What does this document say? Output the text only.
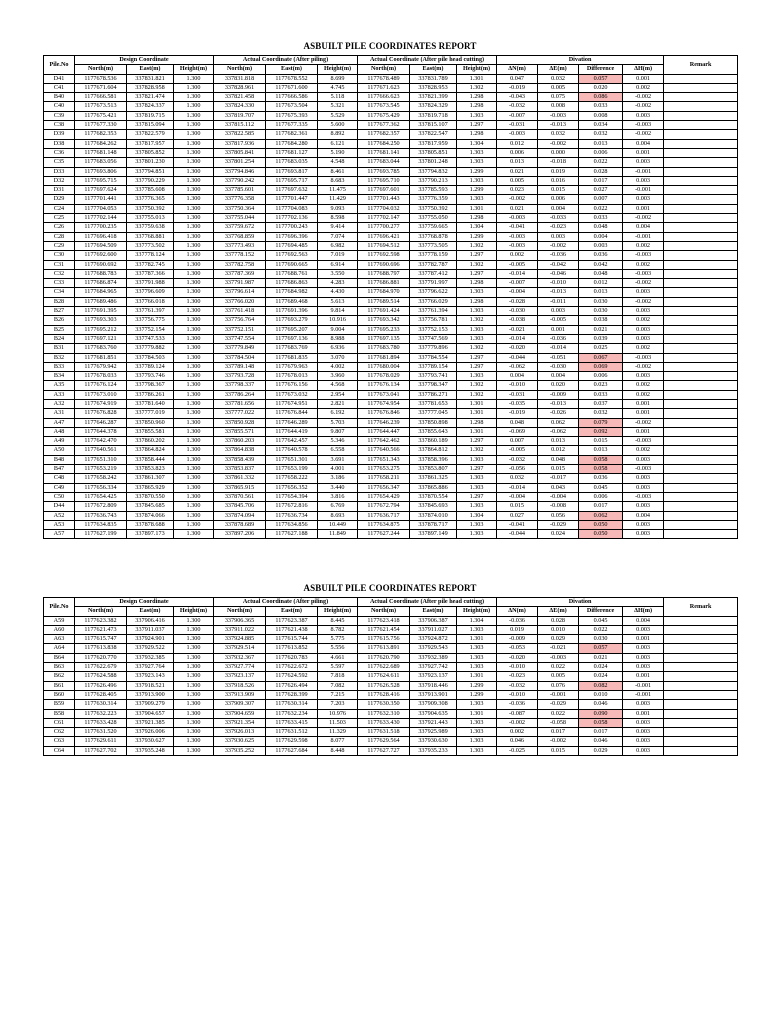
ASBUILT PILE COORDINATES REPORT
Pile.No	Design Coordinate			Actual Coordinate (After piling)			Actual Coordinate (After pile head cutting)			Divation				Remark
	North(m)	East(m)	Height(m)	North(m)	East(m)	Height(m)	North(m)	East(m)	Height(m)	ΔN(m)	ΔE(m)	Difference	ΔH(m)	
D41	1177678.536	337831.821	1.300	337831.818	1177678.552	8.699	1177678.489	337831.789	1.301	0.047	0.032	0.057	0.001	
C41	1177671.604	337828.958	1.300	337828.961	1177671.600	4.745	1177671.623	337828.953	1.302	-0.019	0.005	0.020	0.002	
B40	1177666.581	337821.474	1.300	337821.458	1177666.586	5.118	1177666.623	337821.399	1.298	-0.043	0.075	0.086	-0.002	
C40	1177673.513	337824.337	1.300	337824.330	1177673.504	5.321	1177673.545	337824.329	1.298	-0.032	0.008	0.033	-0.002	
C39	1177675.421	337819.715	1.300	337819.707	1177675.393	5.529	1177675.429	337819.718	1.303	-0.007	-0.003	0.008	0.003	
C38	1177677.330	337815.094	1.300	337815.112	1177677.335	5.600	1177677.362	337815.107	1.297	-0.031	-0.013	0.034	-0.003	
D39	1177682.353	337822.579	1.300	337822.585	1177682.361	8.892	1177682.357	337822.547	1.298	-0.003	0.032	0.032	-0.002	
D38	1177684.262	337817.957	1.300	337817.936	1177684.280	6.121	1177684.250	337817.959	1.304	0.012	-0.002	0.013	0.004	
C36	1177681.148	337805.852	1.300	337805.841	1177681.127	5.190	1177681.141	337805.851	1.303	0.006	0.000	0.006	0.001	
C35	1177683.056	337801.230	1.300	337801.254	1177683.035	4.548	1177683.044	337801.248	1.303	0.013	-0.018	0.022	0.003	
D33	1177693.806	337794.851	1.300	337794.846	1177693.817	8.461	1177693.785	337794.832	1.299	0.021	0.019	0.028	-0.001	
D32	1177695.715	337790.229	1.300	337790.242	1177695.717	8.683	1177695.710	337790.213	1.303	0.005	0.016	0.017	0.003	
D31	1177697.624	337785.608	1.300	337785.601	1177697.632	11.475	1177697.601	337785.593	1.299	0.023	0.015	0.027	-0.001	
D29	1177701.441	337776.365	1.300	337776.358	1177701.447	11.429	1177701.443	337776.359	1.303	-0.002	0.006	0.007	0.003	
C24	1177704.053	337750.392	1.300	337750.364	1177704.083	9.093	1177704.032	337750.392	1.301	0.021	0.004	0.022	0.001	
C25	1177702.144	337755.013	1.300	337755.044	1177702.136	8.598	1177702.147	337755.050	1.298	-0.003	-0.033	0.033	-0.002	
C26	1177700.235	337759.638	1.300	337759.672	1177700.243	9.414	1177700.277	337759.665	1.304	-0.041	-0.023	0.048	0.004	
C28	1177696.418	337768.881	1.300	337768.859	1177696.396	7.074	1177696.421	337768.878	1.299	-0.003	0.003	0.004	-0.001	
C29	1177694.509	337773.502	1.300	337773.493	1177694.485	6.982	1177694.512	337773.505	1.302	-0.003	-0.002	0.003	0.002	
C30	1177692.600	337778.124	1.300	337778.152	1177692.563	7.019	1177692.598	337778.159	1.297	0.002	-0.036	0.036	-0.003	
C31	1177690.692	337782.745	1.300	337782.758	1177690.665	6.914	1177690.696	337782.787	1.302	-0.005	-0.042	0.042	0.002	
C32	1177688.783	337787.366	1.300	337787.369	1177688.761	3.550	1177688.797	337787.412	1.297	-0.014	-0.046	0.048	-0.003	
C33	1177686.874	337791.988	1.300	337791.987	1177686.863	4.283	1177686.881	337791.997	1.298	-0.007	-0.010	0.012	-0.002	
C34	1177684.965	337796.609	1.300	337796.614	1177684.982	4.430	1177684.970	337796.622	1.303	-0.004	-0.013	0.013	0.003	
B28	1177689.486	337766.018	1.300	337766.020	1177689.468	5.613	1177689.514	337766.029	1.298	-0.028	-0.011	0.030	-0.002	
B27	1177691.395	337761.397	1.300	337761.418	1177691.396	9.814	1177691.424	337761.394	1.303	-0.030	0.003	0.030	0.003	
B26	1177693.303	337756.775	1.300	337756.764	1177693.279	10.916	1177693.342	337756.781	1.302	-0.038	-0.005	0.038	0.002	
B25	1177695.212	337752.154	1.300	337752.151	1177695.207	9.004	1177695.233	337752.153	1.303	-0.021	0.001	0.021	0.003	
B24	1177697.121	337747.533	1.300	337747.554	1177697.136	8.988	1177697.135	337747.569	1.303	-0.014	-0.036	0.039	0.003	
B31	1177683.760	337779.882	1.300	337779.849	1177683.769	6.936	1177683.780	337779.896	1.302	-0.020	-0.014	0.025	0.002	
B32	1177681.851	337784.503	1.300	337784.504	1177681.835	3.070	1177681.894	337784.554	1.297	-0.044	-0.051	0.067	-0.003	
B33	1177679.942	337789.124	1.300	337789.148	1177679.963	4.002	1177680.004	337789.154	1.297	-0.062	-0.030	0.069	-0.002	
B34	1177678.033	337793.746	1.300	337793.728	1177678.013	3.960	1177678.029	337793.741	1.303	0.004	0.004	0.006	0.003	
A35	1177676.124	337798.367	1.300	337798.337	1177676.156	4.568	1177676.134	337798.347	1.302	-0.010	0.020	0.023	0.002	
A33	1177673.010	337786.261	1.300	337786.264	1177673.032	2.954	1177673.041	337786.271	1.302	-0.031	-0.009	0.033	0.002	
A32	1177674.919	337781.640	1.300	337781.656	1177674.951	2.821	1177674.954	337781.653	1.301	-0.035	-0.013	0.037	0.001	
A31	1177676.828	337777.019	1.300	337777.022	1177676.844	6.192	1177676.846	337777.045	1.301	-0.019	-0.026	0.032	0.001	
A47	1177646.287	337850.960	1.300	337850.928	1177646.289	5.703	1177646.239	337850.898	1.298	0.048	0.062	0.079	-0.002	
A48	1177644.378	337855.581	1.300	337855.571	1177644.419	9.807	1177644.447	337855.643	1.301	-0.069	-0.062	0.092	0.001	
A49	1177642.470	337860.202	1.300	337860.203	1177642.457	5.346	1177642.462	337860.189	1.297	0.007	0.013	0.015	-0.003	
A50	1177640.561	337864.824	1.300	337864.838	1177640.578	6.558	1177640.566	337864.812	1.302	-0.005	0.012	0.013	0.002	
B48	1177651.310	337858.444	1.300	337858.439	1177651.301	3.691	1177651.343	337858.396	1.303	-0.032	0.048	0.058	0.003	
B47	1177653.219	337853.823	1.300	337853.837	1177653.199	4.001	1177653.275	337853.807	1.297	-0.056	0.015	0.058	-0.003	
C48	1177658.242	337861.307	1.300	337861.332	1177658.222	3.186	1177658.211	337861.325	1.303	0.032	-0.017	0.036	0.003	
C49	1177656.334	337865.929	1.300	337865.915	1177656.352	3.440	1177656.347	337865.886	1.303	-0.014	0.043	0.045	0.003	
C50	1177654.425	337870.550	1.300	337870.561	1177654.394	3.816	1177654.429	337870.554	1.297	-0.004	-0.004	0.006	-0.003	
D44	1177672.809	337845.685	1.300	337845.706	1177672.816	6.769	1177672.794	337845.693	1.303	0.015	-0.008	0.017	0.003	
A52	1177636.743	337874.066	1.300	337874.094	1177636.734	8.693	1177636.717	337874.010	1.304	0.027	0.056	0.062	0.004	
A53	1177634.835	337878.688	1.300	337878.689	1177634.856	10.449	1177634.875	337878.717	1.303	-0.041	-0.029	0.050	0.003	
A57	1177627.199	337897.173	1.300	337897.206	1177627.188	11.849	1177627.244	337897.149	1.303	-0.044	0.024	0.050	0.003	
ASBUILT PILE COORDINATES REPORT
Pile.No	Design Coordinate			Actual Coordinate (After piling)			Actual Coordinate (After pile head cutting)			Divation				Remark
	North(m)	East(m)	Height(m)	North(m)	East(m)	Height(m)	North(m)	East(m)	Height(m)	ΔN(m)	ΔE(m)	Difference	ΔH(m)	
A59	1177623.382	337906.416	1.300	337906.365	1177623.387	8.445	1177623.418	337906.387	1.304	-0.036	0.028	0.045	0.004	
A60	1177621.473	337911.037	1.300	337911.022	1177621.438	8.782	1177621.454	337911.027	1.303	0.019	0.010	0.022	0.003	
A63	1177615.747	337924.901	1.300	337924.885	1177615.744	5.775	1177615.756	337924.872	1.301	-0.009	0.029	0.030	0.001	
A64	1177613.838	337929.522	1.300	337929.514	1177613.852	5.556	1177613.891	337929.543	1.303	-0.053	-0.021	0.057	0.003	
B64	1177620.770	337932.385	1.300	337932.367	1177620.783	4.661	1177620.790	337932.389	1.303	-0.020	-0.003	0.021	0.003	
B63	1177622.679	337927.764	1.300	337927.774	1177622.672	5.597	1177622.689	337927.742	1.303	-0.010	0.022	0.024	0.003	
B62	1177624.588	337923.143	1.300	337923.137	1177624.592	7.818	1177624.611	337923.137	1.301	-0.023	0.005	0.024	0.001	
B61	1177626.496	337918.521	1.300	337918.526	1177626.494	7.082	1177626.528	337918.446	1.299	-0.032	0.076	0.082	-0.001	
B60	1177628.405	337913.900	1.300	337913.909	1177628.399	7.215	1177628.416	337913.901	1.299	-0.010	-0.001	0.010	-0.001	
B59	1177630.314	337909.279	1.300	337909.307	1177630.314	7.203	1177630.350	337909.308	1.303	-0.036	-0.029	0.046	0.003	
B58	1177632.223	337904.657	1.300	337904.659	1177632.234	10.976	1177632.310	337904.635	1.301	-0.087	0.022	0.090	0.001	
C61	1177633.428	337921.385	1.300	337921.354	1177633.415	11.503	1177633.430	337921.443	1.303	-0.002	-0.058	0.058	0.003	
C62	1177631.520	337926.006	1.300	337926.013	1177631.512	11.329	1177631.518	337925.989	1.303	0.002	0.017	0.017	0.003	
C63	1177629.611	337930.627	1.300	337930.625	1177629.598	8.077	1177629.564	337930.630	1.303	0.046	-0.002	0.046	0.003	
C64	1177627.702	337935.248	1.300	337935.252	1177627.684	8.448	1177627.727	337935.233	1.303	-0.025	0.015	0.029	0.003	
